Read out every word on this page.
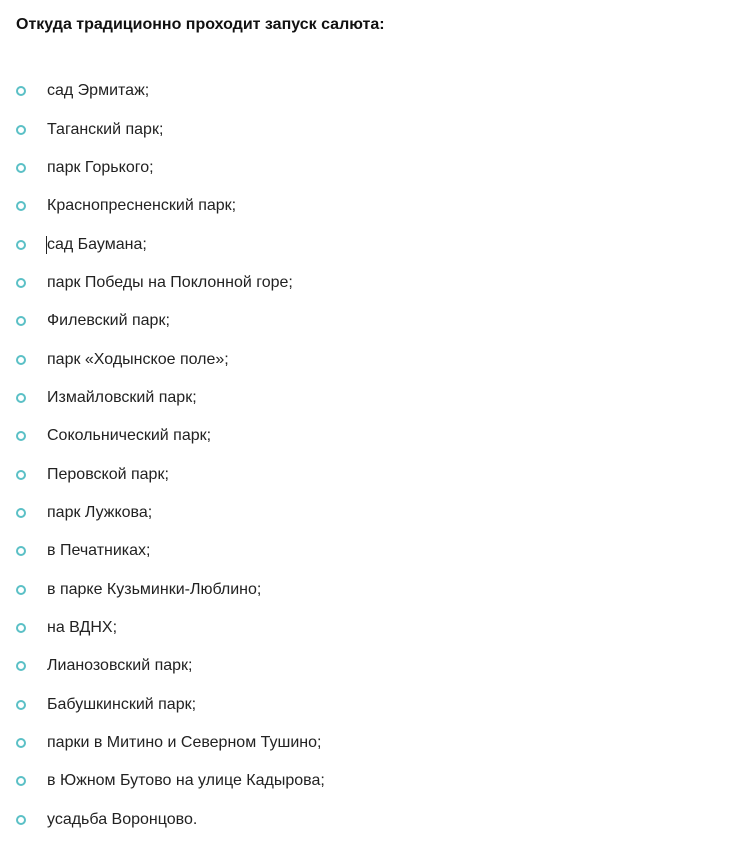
Откуда традиционно проходит запуск салюта:
сад Эрмитаж;
Таганский парк;
парк Горького;
Краснопресненский парк;
сад Баумана;
парк Победы на Поклонной горе;
Филевский парк;
парк «Ходынское поле»;
Измайловский парк;
Сокольнический парк;
Перовской парк;
парк Лужкова;
в Печатниках;
в парке Кузьминки-Люблино;
на ВДНХ;
Лианозовский парк;
Бабушкинский парк;
парки в Митино и Северном Тушино;
в Южном Бутово на улице Кадырова;
усадьба Воронцово.
